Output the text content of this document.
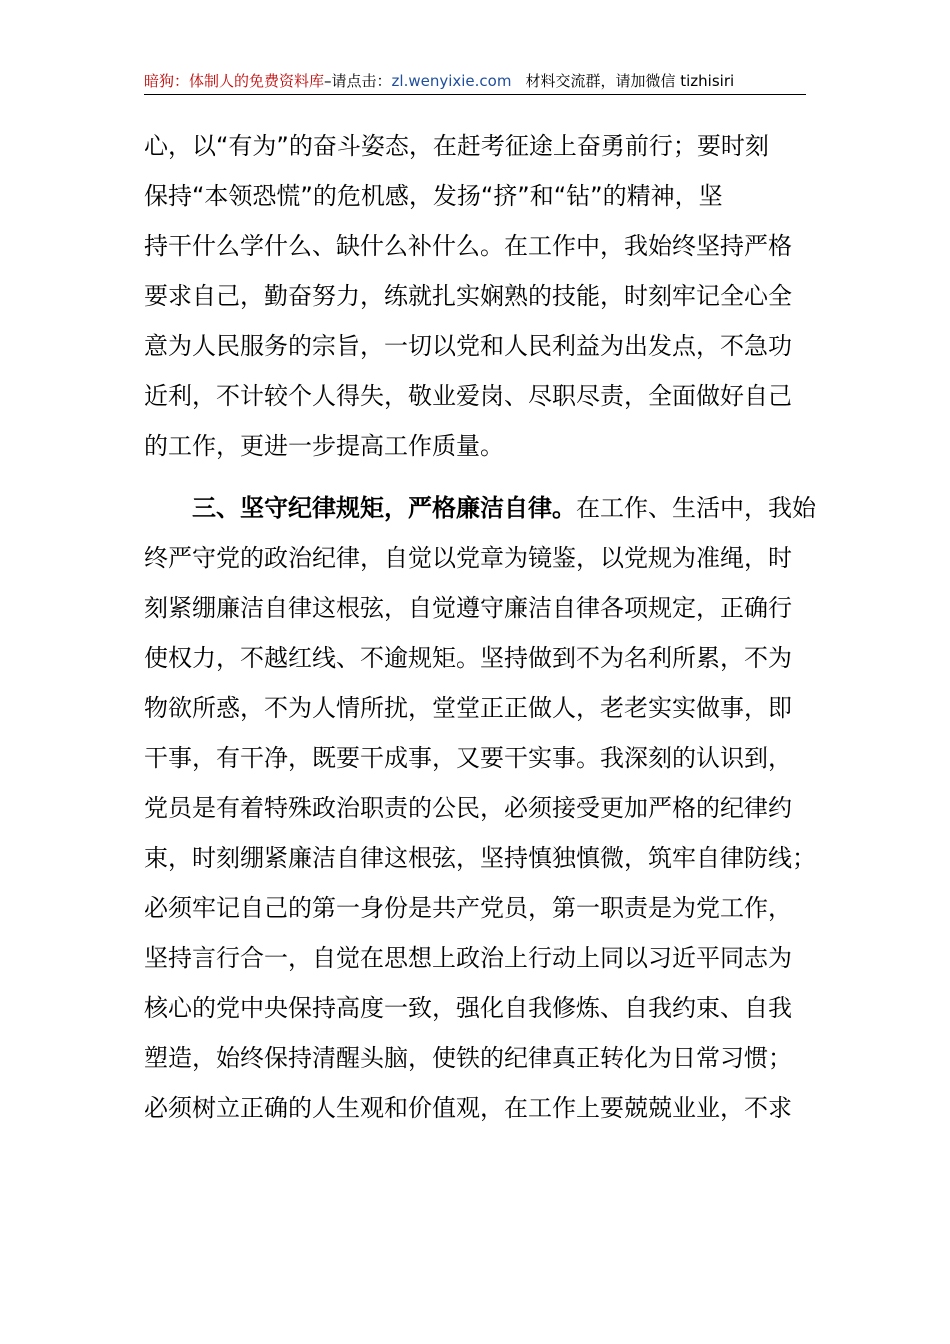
暗狗：体制人的免费资料库–请点击：zl.wenyixie.com 材料交流群，请加微信 tizhisiri
心，以“有为”的奋斗姿态，在赶考征途上奋勇前行；要时刻
保持“本领恐慌”的危机感，发扬“挤”和“钻”的精神，坚
持干什么学什么、缺什么补什么。在工作中，我始终坚持严格
要求自己，勤奋努力，练就扎实娴熟的技能，时刻牢记全心全
意为人民服务的宗旨，一切以党和人民利益为出发点，不急功
近利，不计较个人得失，敬业爱岗、尽职尽责，全面做好自己
的工作，更进一步提高工作质量。
三、坚守纪律规矩，严格廉洁自律。在工作、生活中，我始
终严守党的政治纪律，自觉以党章为镜鉴，以党规为准绳，时
刻紧绷廉洁自律这根弦，自觉遵守廉洁自律各项规定，正确行
使权力，不越红线、不逾规矩。坚持做到不为名利所累，不为
物欲所惑，不为人情所扰，堂堂正正做人，老老实实做事，即
干事，有干净，既要干成事，又要干实事。我深刻的认识到，
党员是有着特殊政治职责的公民，必须接受更加严格的纪律约
束，时刻绷紧廉洁自律这根弦，坚持慎独慎微，筑牢自律防线；
必须牢记自己的第一身份是共产党员，第一职责是为党工作，
坚持言行合一，自觉在思想上政治上行动上同以习近平同志为
核心的党中央保持高度一致，强化自我修炼、自我约束、自我
塑造，始终保持清醒头脑，使铁的纪律真正转化为日常习惯；
必须树立正确的人生观和价值观，在工作上要兢兢业业，不求
